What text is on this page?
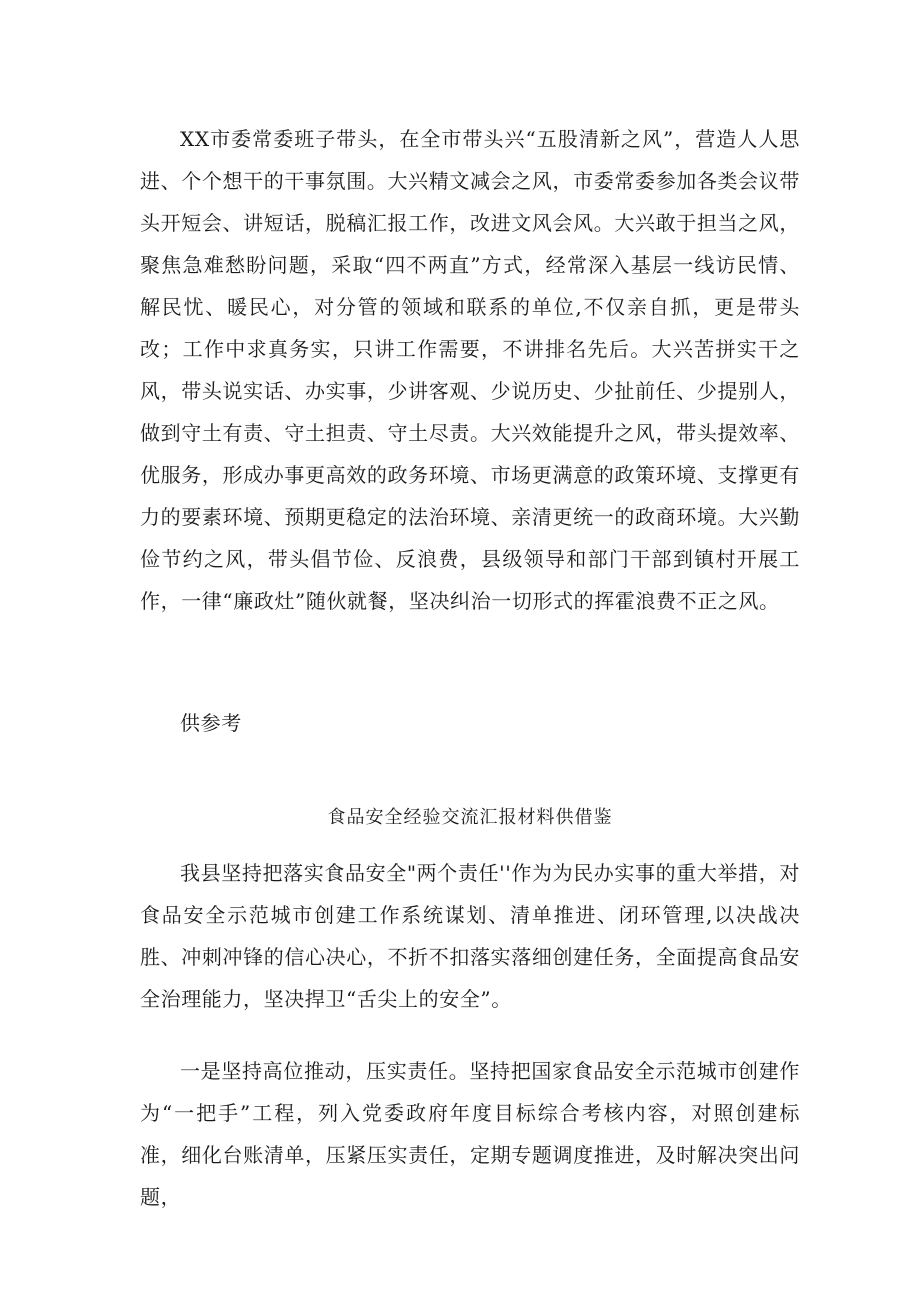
XX市委常委班子带头，在全市带头兴“五股清新之风”，营造人人思进、个个想干的干事氛围。大兴精文减会之风，市委常委参加各类会议带头开短会、讲短话，脱稿汇报工作，改进文风会风。大兴敢于担当之风，聚焦急难愁盼问题，采取“四不两直”方式，经常深入基层一线访民情、解民忧、暖民心，对分管的领域和联系的单位,不仅亲自抓，更是带头改；工作中求真务实，只讲工作需要，不讲排名先后。大兴苦拼实干之风，带头说实话、办实事，少讲客观、少说历史、少扯前任、少提别人，做到守土有责、守土担责、守土尽责。大兴效能提升之风，带头提效率、优服务，形成办事更高效的政务环境、市场更满意的政策环境、支撑更有力的要素环境、预期更稳定的法治环境、亲清更统一的政商环境。大兴勤俭节约之风，带头倡节俭、反浪费，县级领导和部门干部到镇村开展工作，一律“廉政灶”随伙就餐，坚决纠治一切形式的挥霍浪费不正之风。

供参考

食品安全经验交流汇报材料供借鉴

我县坚持把落实食品安全"两个责任''作为为民办实事的重大举措，对食品安全示范城市创建工作系统谋划、清单推进、闭环管理,以决战决胜、冲刺冲锋的信心决心，不折不扣落实落细创建任务，全面提高食品安全治理能力，坚决捍卫“舌尖上的安全”。

一是坚持高位推动，压实责任。坚持把国家食品安全示范城市创建作为“一把手”工程，列入党委政府年度目标综合考核内容，对照创建标准，细化台账清单，压紧压实责任，定期专题调度推进，及时解决突出问题，
